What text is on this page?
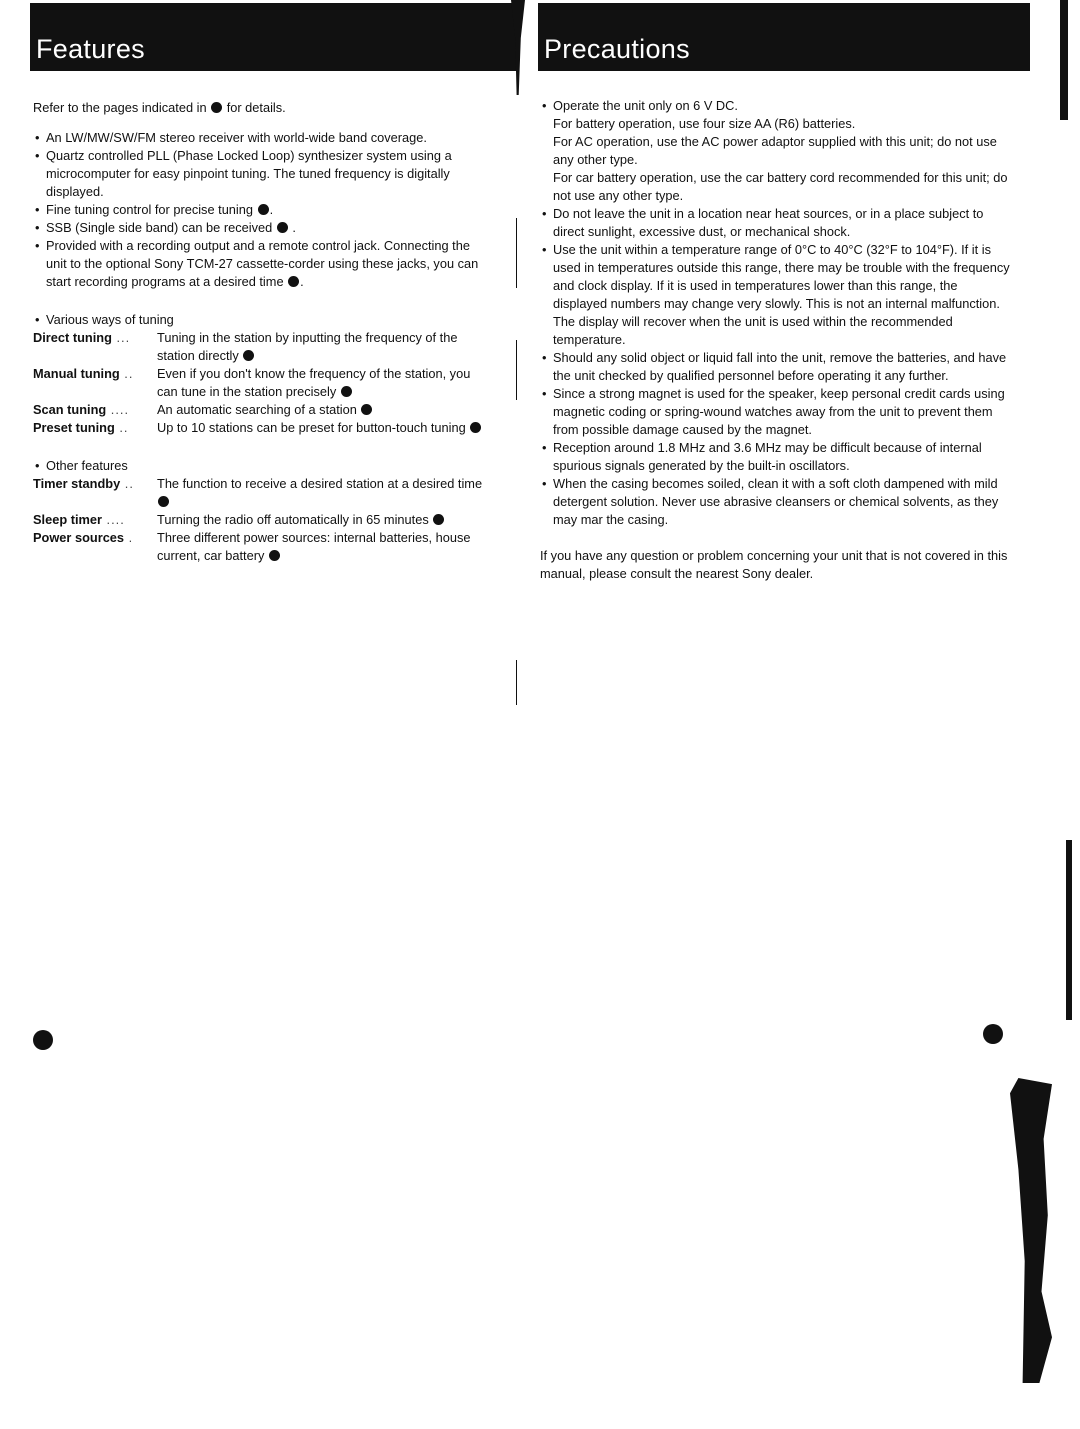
Features	Precautions

Refer to the pages indicated in  for details.

• An LW/MW/SW/FM stereo receiver with world-wide band coverage.
• Quartz controlled PLL (Phase Locked Loop) synthesizer system using a microcomputer for easy pinpoint tuning. The tuned frequency is digitally displayed.
• Fine tuning control for precise tuning .
• SSB (Single side band) can be received  .
• Provided with a recording output and a remote control jack. Connecting the unit to the optional Sony TCM-27 cassette-corder using these jacks, you can start recording programs at a desired time .
• Various ways of tuning
Direct tuning ...	Tuning in the station by inputting the frequency of the station directly
Manual tuning ..	Even if you don't know the frequency of the station, you can tune in the station precisely
Scan tuning ....	An automatic searching of a station
Preset tuning ..	Up to 10 stations can be preset for button-touch tuning
• Other features
Timer standby ..	The function to receive a desired station at a desired time
Sleep timer ....	Turning the radio off automatically in 65 minutes
Power sources .	Three different power sources: internal batteries, house current, car battery
• Operate the unit only on 6 V DC.
For battery operation, use four size AA (R6) batteries.
For AC operation, use the AC power adaptor supplied with this unit; do not use any other type.
For car battery operation, use the car battery cord recommended for this unit; do not use any other type.
• Do not leave the unit in a location near heat sources, or in a place subject to direct sunlight, excessive dust, or mechanical shock.
• Use the unit within a temperature range of 0°C to 40°C (32°F to 104°F). If it is used in temperatures outside this range, there may be trouble with the frequency and clock display. If it is used in temperatures lower than this range, the displayed numbers may change very slowly. This is not an internal malfunction. The display will recover when the unit is used within the recommended temperature.
• Should any solid object or liquid fall into the unit, remove the batteries, and have the unit checked by qualified personnel before operating it any further.
• Since a strong magnet is used for the speaker, keep personal credit cards using magnetic coding or spring-wound watches away from the unit to prevent them from possible damage caused by the magnet.
• Reception around 1.8 MHz and 3.6 MHz may be difficult because of internal spurious signals generated by the built-in oscillators.
• When the casing becomes soiled, clean it with a soft cloth dampened with mild detergent solution. Never use abrasive cleansers or chemical solvents, as they may mar the casing.

If you have any question or problem concerning your unit that is not covered in this manual, please consult the nearest Sony dealer.
